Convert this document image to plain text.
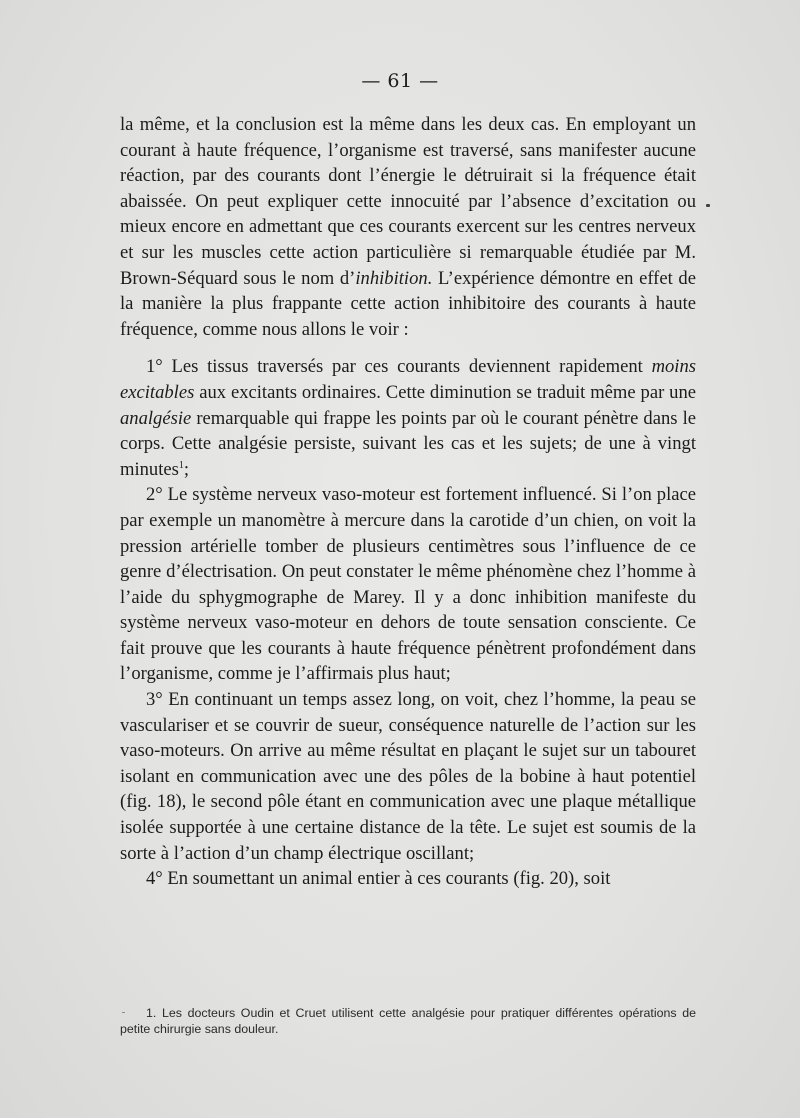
— 61 —

la même, et la conclusion est la même dans les deux cas. En employant un courant à haute fréquence, l’organisme est traversé, sans manifester aucune réaction, par des courants dont l’énergie le détruirait si la fréquence était abaissée. On peut expliquer cette innocuité par l’absence d’excitation ou mieux encore en admettant que ces courants exercent sur les centres nerveux et sur les muscles cette action particulière si remarquable étudiée par M. Brown-Séquard sous le nom d’inhibition. L’expérience démontre en effet de la manière la plus frappante cette action inhibitoire des courants à haute fréquence, comme nous allons le voir :

1° Les tissus traversés par ces courants deviennent rapidement moins excitables aux excitants ordinaires. Cette diminution se traduit même par une analgésie remarquable qui frappe les points par où le courant pénètre dans le corps. Cette analgésie persiste, suivant les cas et les sujets; de une à vingt minutes$^1$;

2° Le système nerveux vaso-moteur est fortement influencé. Si l’on place par exemple un manomètre à mercure dans la carotide d’un chien, on voit la pression artérielle tomber de plusieurs centimètres sous l’influence de ce genre d’électrisation. On peut constater le même phénomène chez l’homme à l’aide du sphygmographe de Marey. Il y a donc inhibition manifeste du système nerveux vaso-moteur en dehors de toute sensation consciente. Ce fait prouve que les courants à haute fréquence pénètrent profondément dans l’organisme, comme je l’affirmais plus haut;

3° En continuant un temps assez long, on voit, chez l’homme, la peau se vasculariser et se couvrir de sueur, conséquence naturelle de l’action sur les vaso-moteurs. On arrive au même résultat en plaçant le sujet sur un tabouret isolant en communication avec une des pôles de la bobine à haut potentiel (fig. 18), le second pôle étant en communication avec une plaque métallique isolée supportée à une certaine distance de la tête. Le sujet est soumis de la sorte à l’action d’un champ électrique oscillant;

4° En soumettant un animal entier à ces courants (fig. 20), soit

1. Les docteurs Oudin et Cruet utilisent cette analgésie pour pratiquer différentes opérations de petite chirurgie sans douleur.
